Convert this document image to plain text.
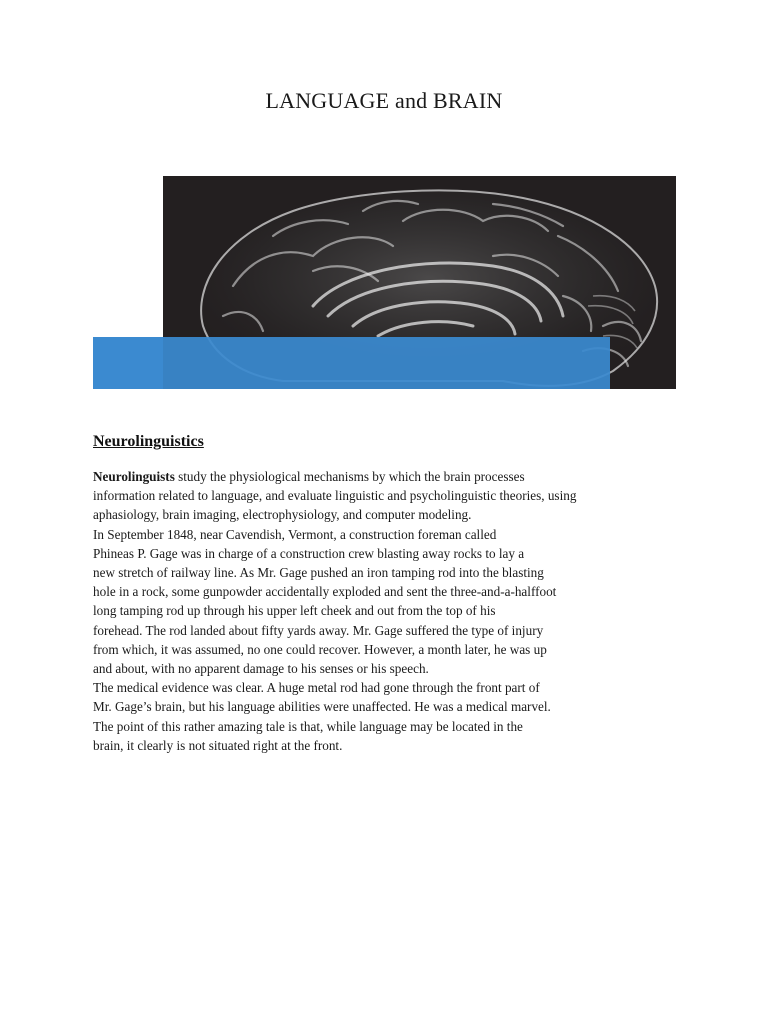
LANGUAGE and BRAIN
Neurolinguistics
Neurolinguists study the physiological mechanisms by which the brain processes
information related to language, and evaluate linguistic and psycholinguistic theories, using
aphasiology, brain imaging, electrophysiology, and computer modeling.
In September 1848, near Cavendish, Vermont, a construction foreman called
Phineas P. Gage was in charge of a construction crew blasting away rocks to lay a
new stretch of railway line. As Mr. Gage pushed an iron tamping rod into the blasting
hole in a rock, some gunpowder accidentally exploded and sent the three-and-a-halffoot
long tamping rod up through his upper left cheek and out from the top of his
forehead. The rod landed about fifty yards away. Mr. Gage suffered the type of injury
from which, it was assumed, no one could recover. However, a month later, he was up
and about, with no apparent damage to his senses or his speech.
The medical evidence was clear. A huge metal rod had gone through the front part of
Mr. Gage’s brain, but his language abilities were unaffected. He was a medical marvel.
The point of this rather amazing tale is that, while language may be located in the
brain, it clearly is not situated right at the front.
